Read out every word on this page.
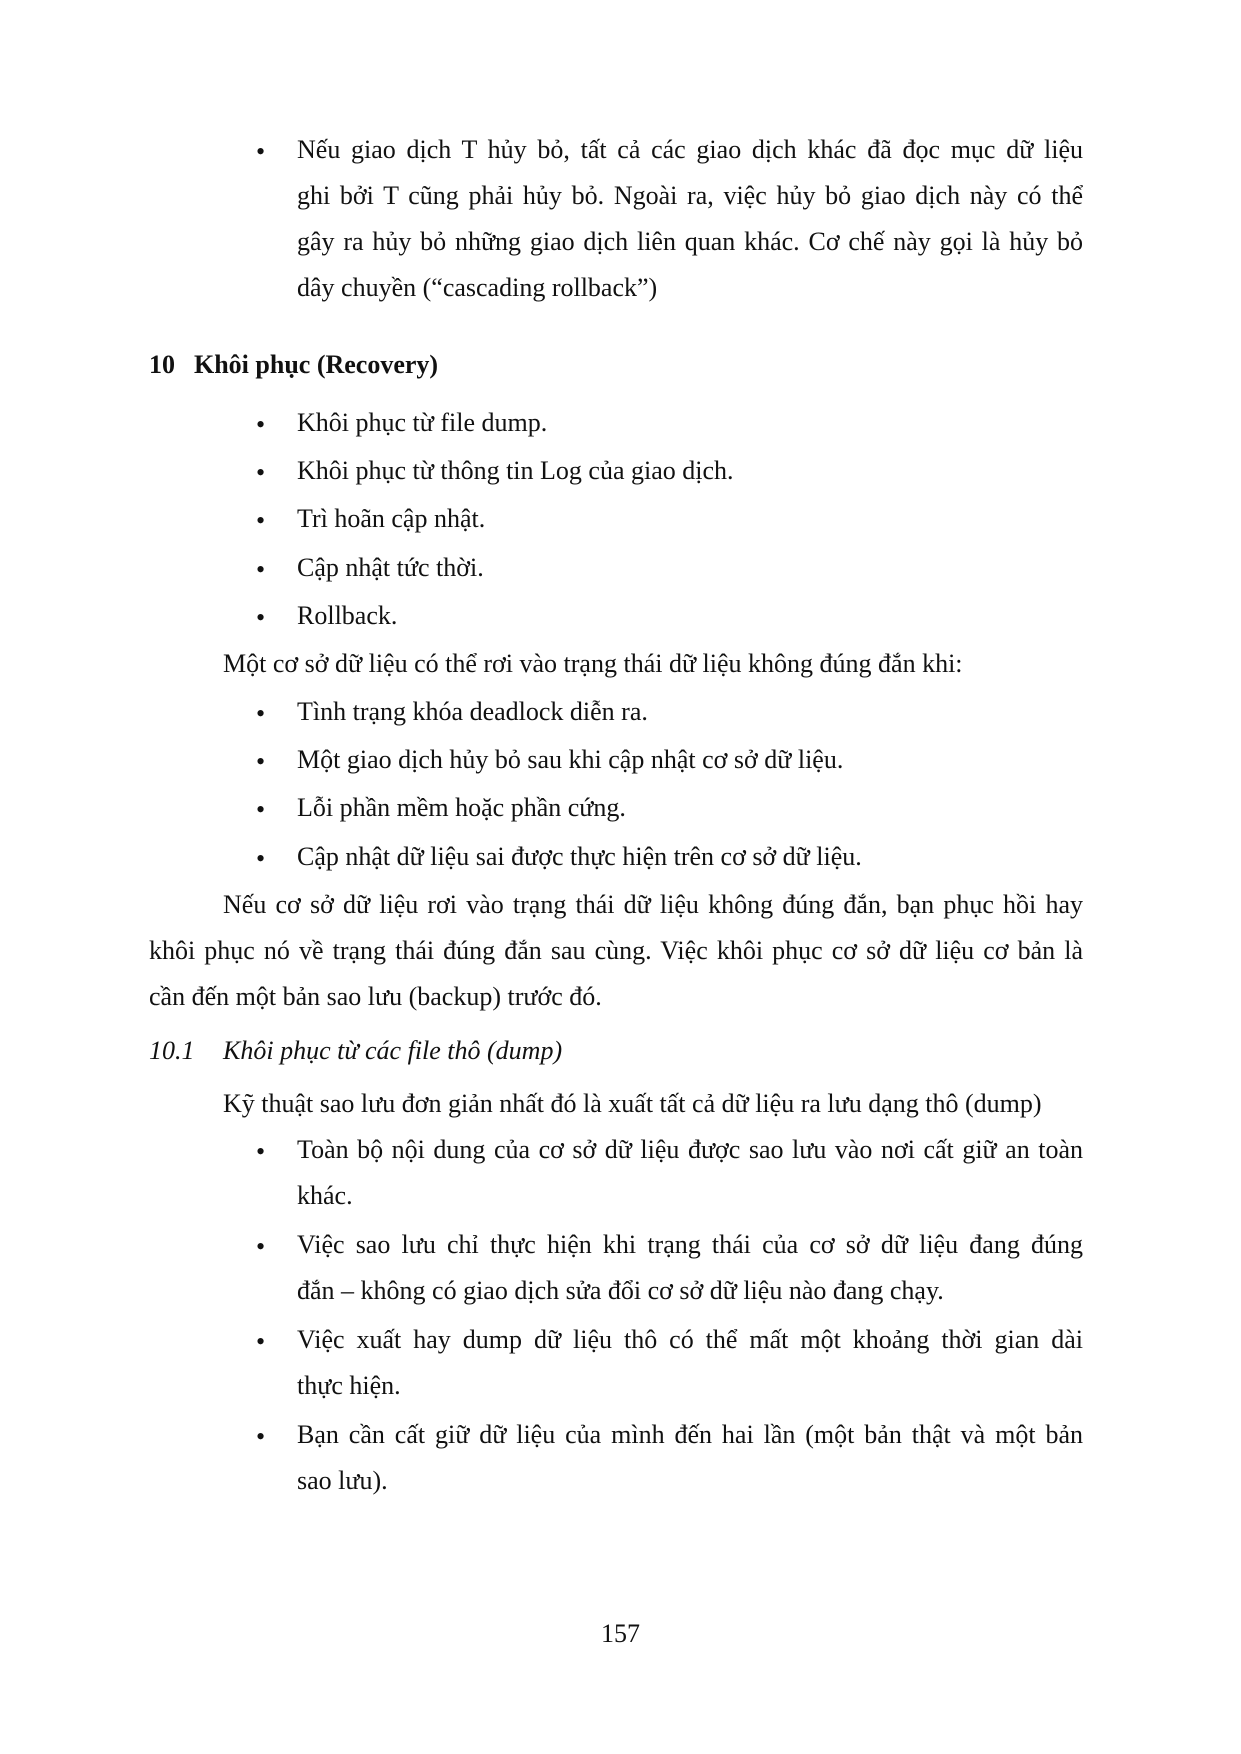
• Nếu giao dịch T hủy bỏ, tất cả các giao dịch khác đã đọc mục dữ liệu

ghi bởi T cũng phải hủy bỏ. Ngoài ra, việc hủy bỏ giao dịch này có thể

gây ra hủy bỏ những giao dịch liên quan khác. Cơ chế này gọi là hủy bỏ

dây chuyền (“cascading rollback”)

10 Khôi phục (Recovery)

• Khôi phục từ file dump.

• Khôi phục từ thông tin Log của giao dịch.

• Trì hoãn cập nhật.

• Cập nhật tức thời.

• Rollback.

Một cơ sở dữ liệu có thể rơi vào trạng thái dữ liệu không đúng đắn khi:

• Tình trạng khóa deadlock diễn ra.

• Một giao dịch hủy bỏ sau khi cập nhật cơ sở dữ liệu.

• Lỗi phần mềm hoặc phần cứng.

• Cập nhật dữ liệu sai được thực hiện trên cơ sở dữ liệu.

Nếu cơ sở dữ liệu rơi vào trạng thái dữ liệu không đúng đắn, bạn phục hồi hay

khôi phục nó về trạng thái đúng đắn sau cùng. Việc khôi phục cơ sở dữ liệu cơ bản là

cần đến một bản sao lưu (backup) trước đó.

10.1 Khôi phục từ các file thô (dump)

Kỹ thuật sao lưu đơn giản nhất đó là xuất tất cả dữ liệu ra lưu dạng thô (dump)

• Toàn bộ nội dung của cơ sở dữ liệu được sao lưu vào nơi cất giữ an toàn

khác.

• Việc sao lưu chỉ thực hiện khi trạng thái của cơ sở dữ liệu đang đúng

đắn – không có giao dịch sửa đổi cơ sở dữ liệu nào đang chạy.

• Việc xuất hay dump dữ liệu thô có thể mất một khoảng thời gian dài

thực hiện.

• Bạn cần cất giữ dữ liệu của mình đến hai lần (một bản thật và một bản

sao lưu).

157
